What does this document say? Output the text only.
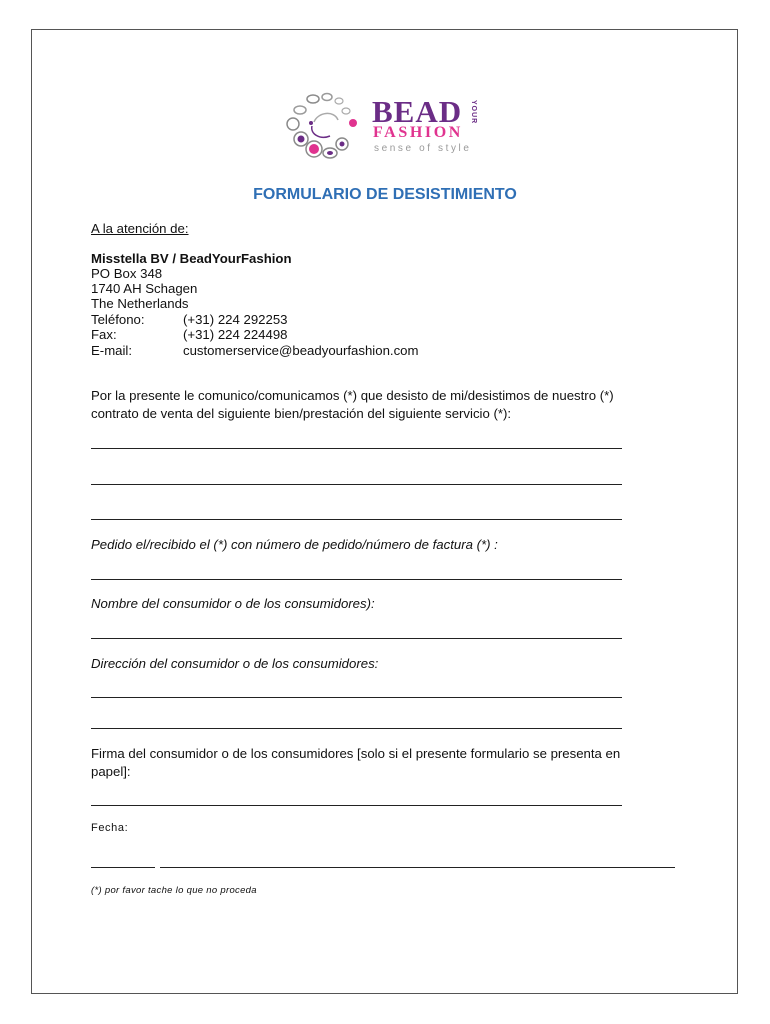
BEAD YOUR
FASHION
sense of style
FORMULARIO DE DESISTIMIENTO
A la atención de:
Misstella BV / BeadYourFashion
PO Box 348
1740 AH Schagen
The Netherlands
Teléfono:	(+31) 224 292253
Fax:	(+31) 224 224498
E-mail:	customerservice@beadyourfashion.com
Por la presente le comunico/comunicamos (*) que desisto de mi/desistimos de nuestro (*)
contrato de venta del siguiente bien/prestación del siguiente servicio (*):
Pedido el/recibido el (*) con número de pedido/número de factura (*) :
Nombre del consumidor o de los consumidores):
Dirección del consumidor o de los consumidores:
Firma del consumidor o de los consumidores [solo si el presente formulario se presenta en
papel]:
Fecha:
(*) por favor tache lo que no proceda
